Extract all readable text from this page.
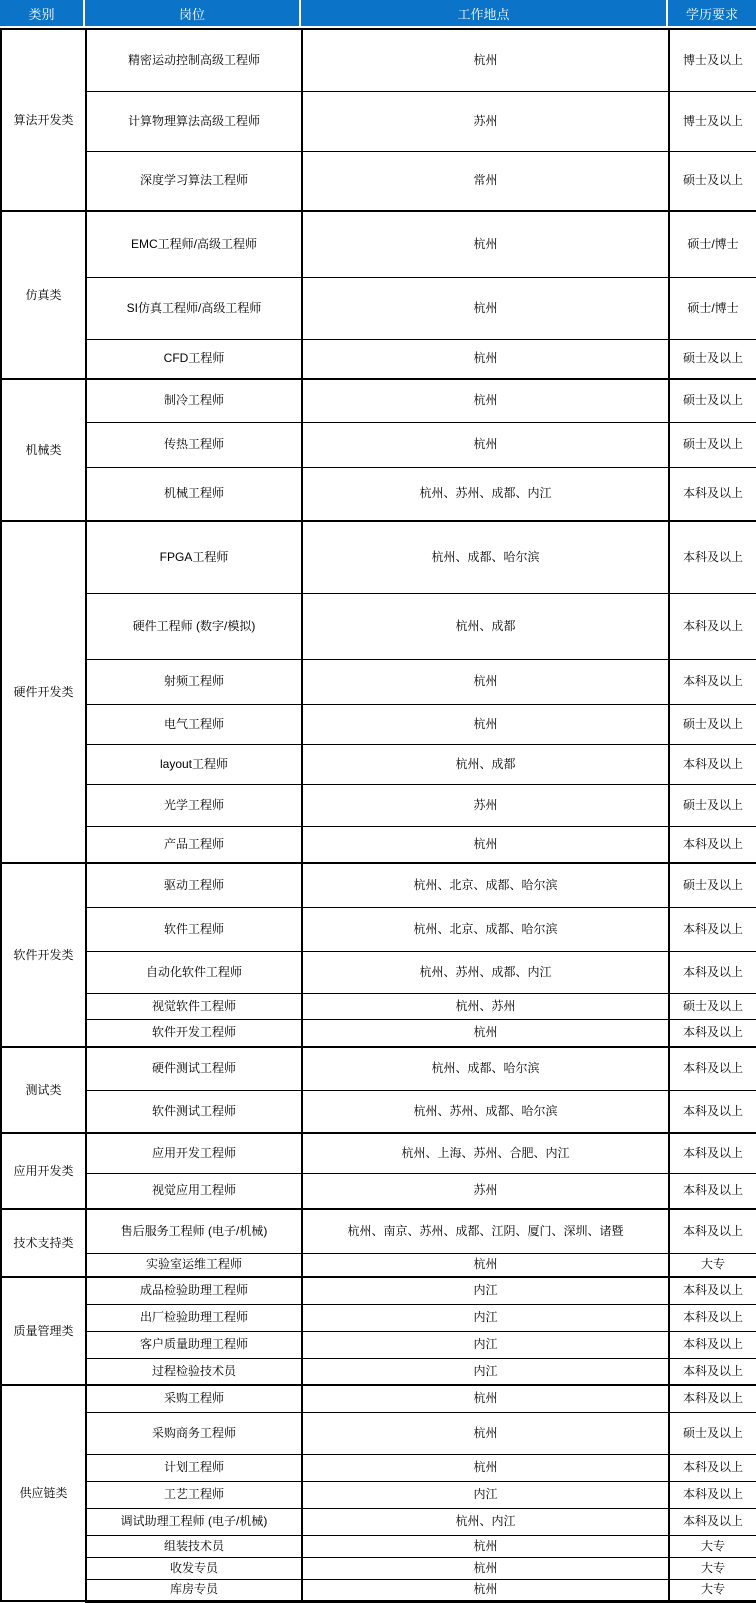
类别	岗位	工作地点	学历要求
算法开发类	精密运动控制高级工程师	杭州	博士及以上
	计算物理算法高级工程师	苏州	博士及以上
	深度学习算法工程师	常州	硕士及以上
仿真类	EMC工程师/高级工程师	杭州	硕士/博士
	SI仿真工程师/高级工程师	杭州	硕士/博士
	CFD工程师	杭州	硕士及以上
机械类	制冷工程师	杭州	硕士及以上
	传热工程师	杭州	硕士及以上
	机械工程师	杭州、苏州、成都、内江	本科及以上
硬件开发类	FPGA工程师	杭州、成都、哈尔滨	本科及以上
	硬件工程师 (数字/模拟)	杭州、成都	本科及以上
	射频工程师	杭州	本科及以上
	电气工程师	杭州	硕士及以上
	layout工程师	杭州、成都	本科及以上
	光学工程师	苏州	硕士及以上
	产品工程师	杭州	本科及以上
软件开发类	驱动工程师	杭州、北京、成都、哈尔滨	硕士及以上
	软件工程师	杭州、北京、成都、哈尔滨	本科及以上
	自动化软件工程师	杭州、苏州、成都、内江	本科及以上
	视觉软件工程师	杭州、苏州	硕士及以上
	软件开发工程师	杭州	本科及以上
测试类	硬件测试工程师	杭州、成都、哈尔滨	本科及以上
	软件测试工程师	杭州、苏州、成都、哈尔滨	本科及以上
应用开发类	应用开发工程师	杭州、上海、苏州、合肥、内江	本科及以上
	视觉应用工程师	苏州	本科及以上
技术支持类	售后服务工程师 (电子/机械)	杭州、南京、苏州、成都、江阴、厦门、深圳、诸暨	本科及以上
	实验室运维工程师	杭州	大专
质量管理类	成品检验助理工程师	内江	本科及以上
	出厂检验助理工程师	内江	本科及以上
	客户质量助理工程师	内江	本科及以上
	过程检验技术员	内江	本科及以上
供应链类	采购工程师	杭州	本科及以上
	采购商务工程师	杭州	硕士及以上
	计划工程师	杭州	本科及以上
	工艺工程师	内江	本科及以上
	调试助理工程师 (电子/机械)	杭州、内江	本科及以上
	组装技术员	杭州	大专
	收发专员	杭州	大专
	库房专员	杭州	大专
